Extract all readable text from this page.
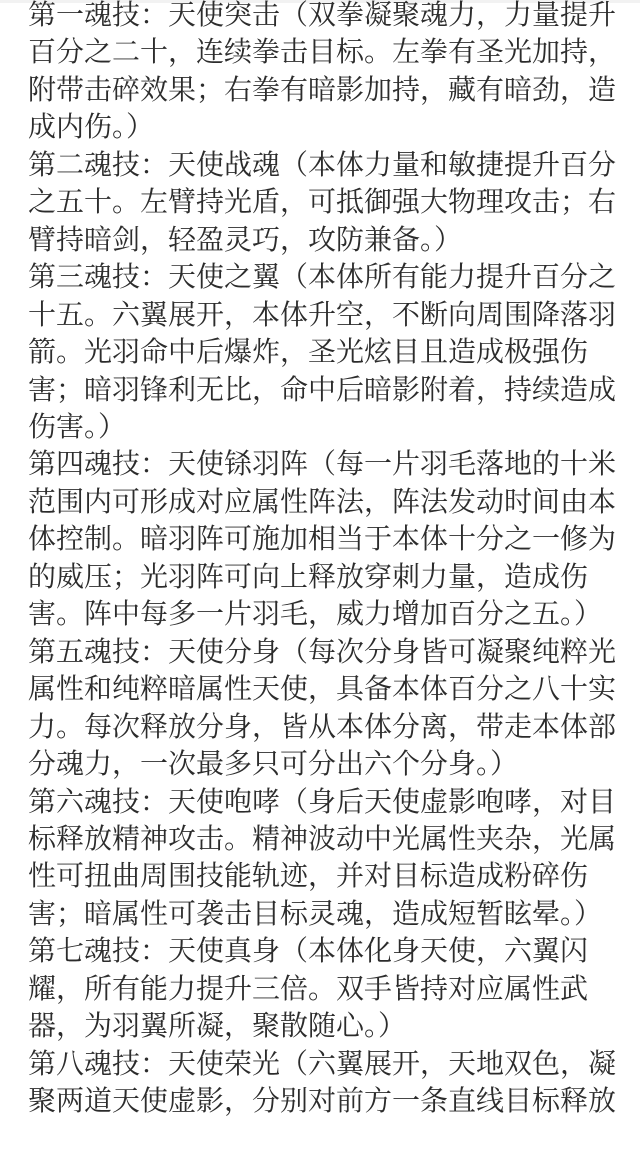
第一魂技：天使突击（双拳凝聚魂力，力量提升百分之二十，连续拳击目标。左拳有圣光加持，附带击碎效果；右拳有暗影加持，藏有暗劲，造成内伤。）

第二魂技：天使战魂（本体力量和敏捷提升百分之五十。左臂持光盾，可抵御强大物理攻击；右臂持暗剑，轻盈灵巧，攻防兼备。）

第三魂技：天使之翼（本体所有能力提升百分之十五。六翼展开，本体升空，不断向周围降落羽箭。光羽命中后爆炸，圣光炫目且造成极强伤害；暗羽锋利无比，命中后暗影附着，持续造成伤害。）

第四魂技：天使铩羽阵（每一片羽毛落地的十米范围内可形成对应属性阵法，阵法发动时间由本体控制。暗羽阵可施加相当于本体十分之一修为的威压；光羽阵可向上释放穿刺力量，造成伤害。阵中每多一片羽毛，威力增加百分之五。）

第五魂技：天使分身（每次分身皆可凝聚纯粹光属性和纯粹暗属性天使，具备本体百分之八十实力。每次释放分身，皆从本体分离，带走本体部分魂力，一次最多只可分出六个分身。）

第六魂技：天使咆哮（身后天使虚影咆哮，对目标释放精神攻击。精神波动中光属性夹杂，光属性可扭曲周围技能轨迹，并对目标造成粉碎伤害；暗属性可袭击目标灵魂，造成短暂眩晕。）

第七魂技：天使真身（本体化身天使，六翼闪耀，所有能力提升三倍。双手皆持对应属性武器，为羽翼所凝，聚散随心。）

第八魂技：天使荣光（六翼展开，天地双色，凝聚两道天使虚影，分别对前方一条直线目标释放
